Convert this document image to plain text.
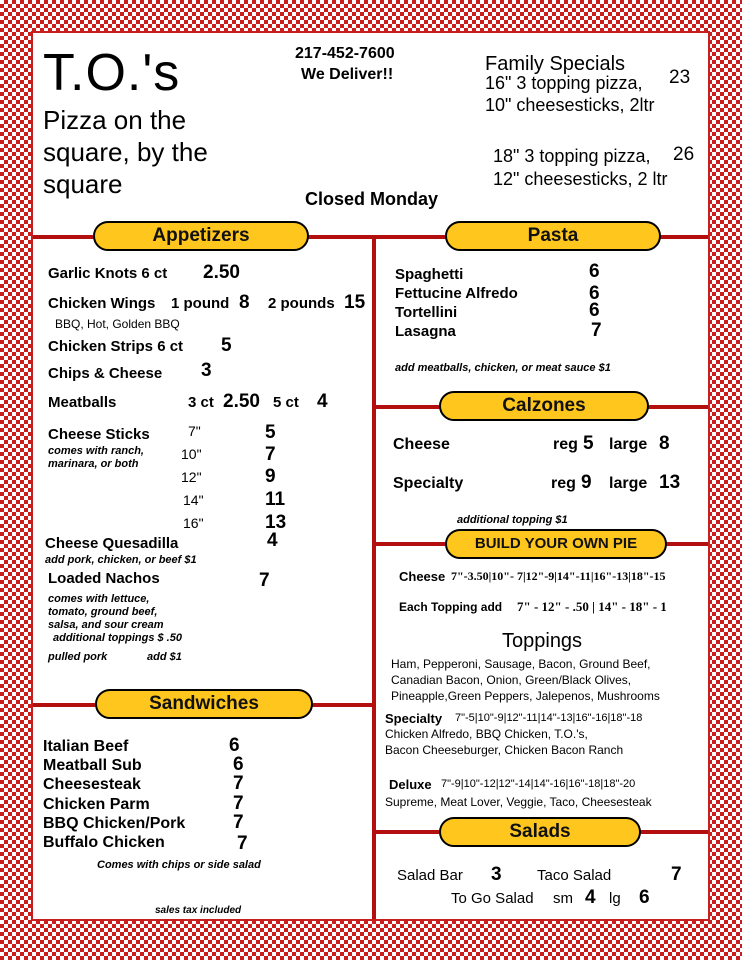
T.O.'s
Pizza on the square, by the square
217-452-7600
We Deliver!!
Closed Monday
Family Specials
16" 3 topping pizza, 23
10" cheesesticks, 2ltr
18" 3 topping pizza, 26
12" cheesesticks, 2 ltr
Appetizers	Pasta
Calzones
BUILD YOUR OWN PIE
Sandwiches
Salads
Garlic Knots 6 ct 2.50
Chicken Wings 1 pound 8 2 pounds 15
BBQ, Hot, Golden BBQ
Chicken Strips 6 ct 5
Chips & Cheese 3
Meatballs	3 ct 2.50 5 ct 4
Cheese Sticks
comes with ranch, marinara, or both
7"	5
10"	7
12"	9
14"	11
16"	13
Cheese Quesadilla	4
add pork, chicken, or beef $1
Loaded Nachos	7
comes with lettuce,
tomato, ground beef,
salsa, and sour cream
additional toppings $ .50
pulled pork	add $1
Italian Beef	6
Meatball Sub	6
Cheesesteak	7
Chicken Parm	7
BBQ Chicken/Pork	7
Buffalo Chicken	7
Comes with chips or side salad
sales tax included
Spaghetti	6
Fettucine Alfredo	6
Tortellini	6
Lasagna	7
add meatballs, chicken, or meat sauce $1
Cheese	reg 5 large 8
Specialty	reg 9 large 13
additional topping $1
Cheese 7"-3.50|10"- 7|12"-9|14"-11|16"-13|18"-15
Each Topping add 7" - 12" - .50 | 14" - 18" - 1
Toppings
Ham, Pepperoni, Sausage, Bacon, Ground Beef,
Canadian Bacon, Onion, Green/Black Olives,
Pineapple,Green Peppers, Jalepenos, Mushrooms
Specialty 7"-5|10"-9|12"-11|14"-13|16"-16|18"-18
Chicken Alfredo, BBQ Chicken, T.O.'s,
Bacon Cheeseburger, Chicken Bacon Ranch
Deluxe 7"-9|10"-12|12"-14|14"-16|16"-18|18"-20
Supreme, Meat Lover, Veggie, Taco, Cheesesteak
Salad Bar 3 Taco Salad	7
To Go Salad sm 4 lg 6
